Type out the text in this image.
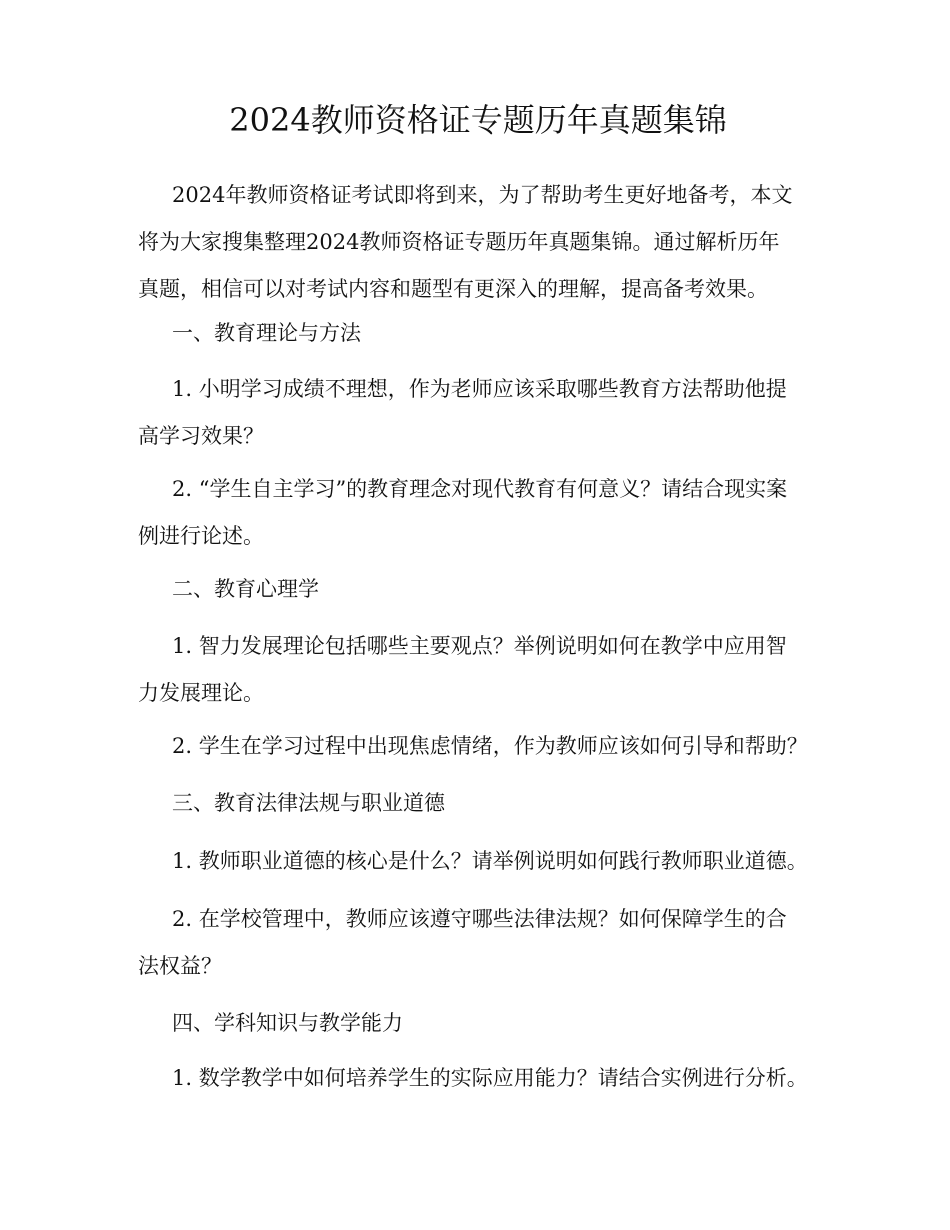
2024教师资格证专题历年真题集锦

2024年教师资格证考试即将到来，为了帮助考生更好地备考，本文
将为大家搜集整理2024教师资格证专题历年真题集锦。通过解析历年
真题，相信可以对考试内容和题型有更深入的理解，提高备考效果。

一、教育理论与方法

1. 小明学习成绩不理想，作为老师应该采取哪些教育方法帮助他提
高学习效果？

2. “学生自主学习”的教育理念对现代教育有何意义？请结合现实案
例进行论述。

二、教育心理学

1. 智力发展理论包括哪些主要观点？举例说明如何在教学中应用智
力发展理论。

2. 学生在学习过程中出现焦虑情绪，作为教师应该如何引导和帮助？

三、教育法律法规与职业道德

1. 教师职业道德的核心是什么？请举例说明如何践行教师职业道德。

2. 在学校管理中，教师应该遵守哪些法律法规？如何保障学生的合
法权益？

四、学科知识与教学能力

1. 数学教学中如何培养学生的实际应用能力？请结合实例进行分析。
